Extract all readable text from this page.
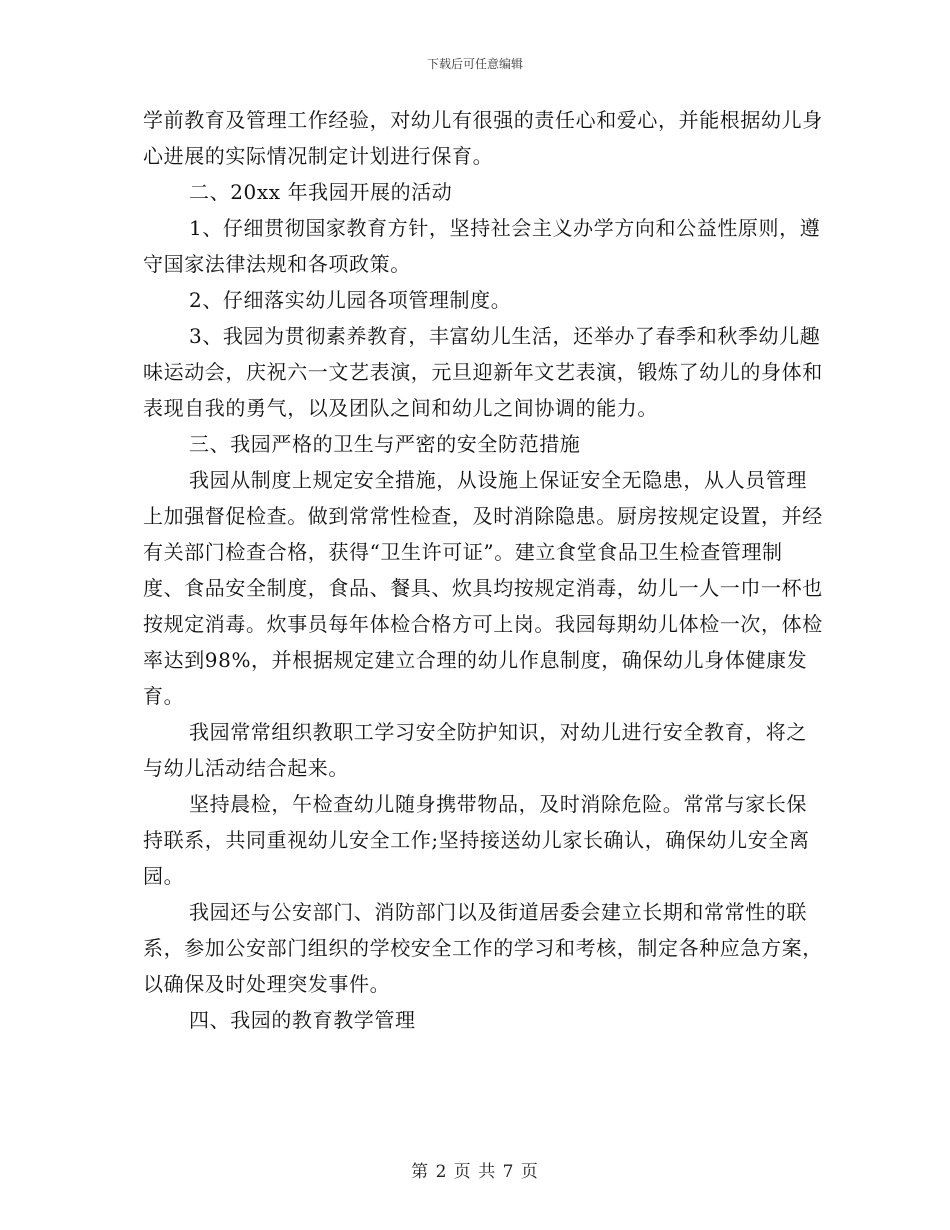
下载后可任意编辑

学前教育及管理工作经验，对幼儿有很强的责任心和爱心，并能根据幼儿身心进展的实际情况制定计划进行保育。

二、20xx 年我园开展的活动

1、仔细贯彻国家教育方针，坚持社会主义办学方向和公益性原则，遵守国家法律法规和各项政策。

2、仔细落实幼儿园各项管理制度。

3、我园为贯彻素养教育，丰富幼儿生活，还举办了春季和秋季幼儿趣味运动会，庆祝六一文艺表演，元旦迎新年文艺表演，锻炼了幼儿的身体和表现自我的勇气，以及团队之间和幼儿之间协调的能力。

三、我园严格的卫生与严密的安全防范措施

我园从制度上规定安全措施，从设施上保证安全无隐患，从人员管理上加强督促检查。做到常常性检查，及时消除隐患。厨房按规定设置，并经有关部门检查合格，获得“卫生许可证”。建立食堂食品卫生检查管理制度、食品安全制度，食品、餐具、炊具均按规定消毒，幼儿一人一巾一杯也按规定消毒。炊事员每年体检合格方可上岗。我园每期幼儿体检一次，体检率达到98%，并根据规定建立合理的幼儿作息制度，确保幼儿身体健康发育。

我园常常组织教职工学习安全防护知识，对幼儿进行安全教育，将之与幼儿活动结合起来。

坚持晨检，午检查幼儿随身携带物品，及时消除危险。常常与家长保持联系，共同重视幼儿安全工作;坚持接送幼儿家长确认，确保幼儿安全离园。

我园还与公安部门、消防部门以及街道居委会建立长期和常常性的联系，参加公安部门组织的学校安全工作的学习和考核，制定各种应急方案，以确保及时处理突发事件。

四、我园的教育教学管理

第 2 页 共 7 页
